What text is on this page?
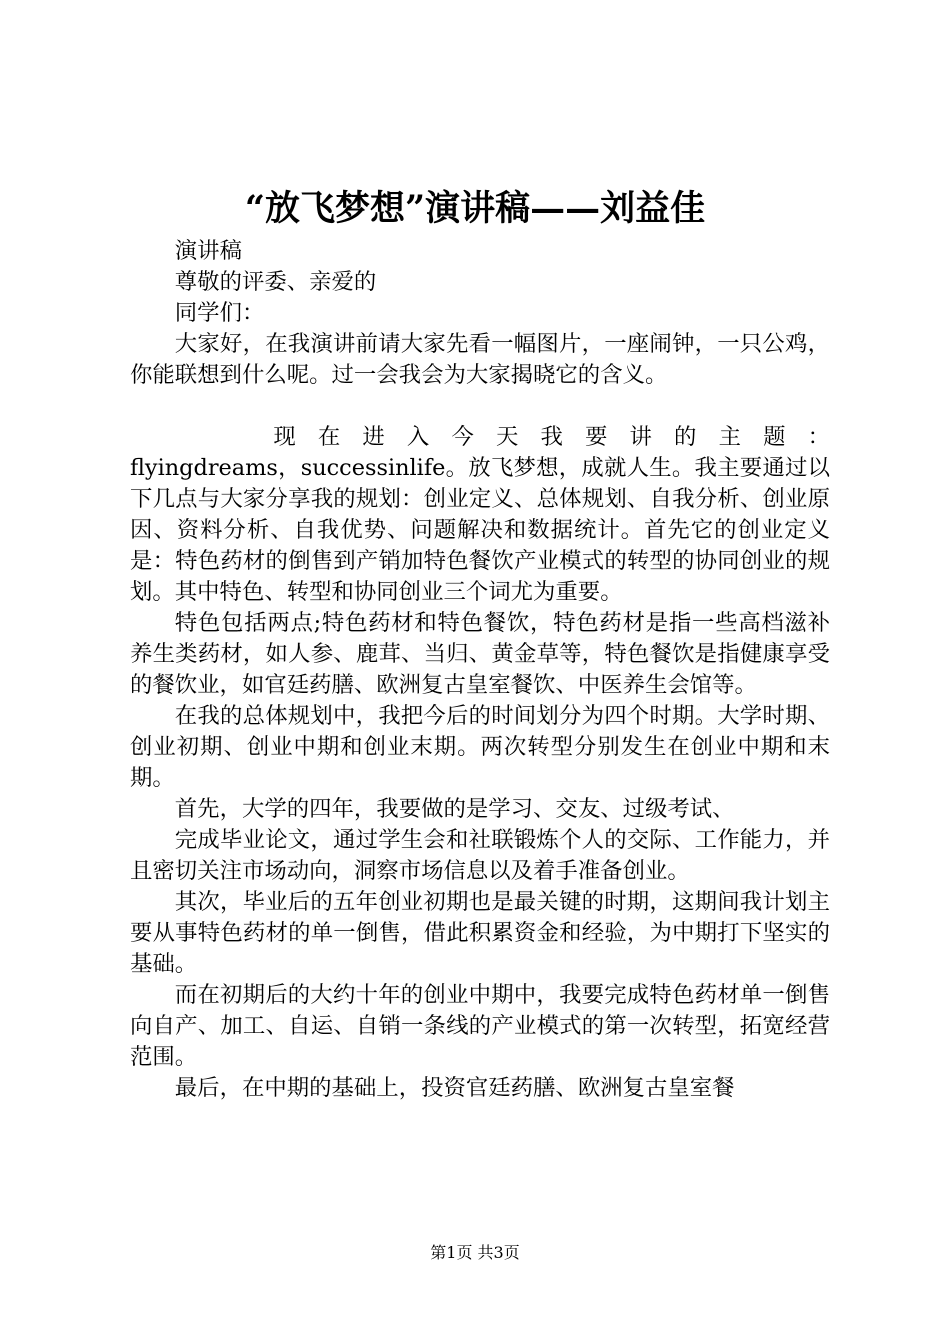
“放飞梦想”演讲稿——刘益佳

演讲稿

尊敬的评委、亲爱的

同学们：

大家好，在我演讲前请大家先看一幅图片，一座闹钟，一只公鸡，你能联想到什么呢。过一会我会为大家揭晓它的含义。

现在进入今天我要讲的主题：

flyingdreams，successinlife。放飞梦想，成就人生。我主要通过以下几点与大家分享我的规划：创业定义、总体规划、自我分析、创业原因、资料分析、自我优势、问题解决和数据统计。首先它的创业定义是：特色药材的倒售到产销加特色餐饮产业模式的转型的协同创业的规划。其中特色、转型和协同创业三个词尤为重要。

特色包括两点;特色药材和特色餐饮，特色药材是指一些高档滋补养生类药材，如人参、鹿茸、当归、黄金草等，特色餐饮是指健康享受的餐饮业，如官廷药膳、欧洲复古皇室餐饮、中医养生会馆等。

在我的总体规划中，我把今后的时间划分为四个时期。大学时期、创业初期、创业中期和创业末期。两次转型分别发生在创业中期和末期。

首先，大学的四年，我要做的是学习、交友、过级考试、

完成毕业论文，通过学生会和社联锻炼个人的交际、工作能力，并且密切关注市场动向，洞察市场信息以及着手准备创业。

其次，毕业后的五年创业初期也是最关键的时期，这期间我计划主要从事特色药材的单一倒售，借此积累资金和经验，为中期打下坚实的基础。

而在初期后的大约十年的创业中期中，我要完成特色药材单一倒售向自产、加工、自运、自销一条线的产业模式的第一次转型，拓宽经营范围。

最后，在中期的基础上，投资官廷药膳、欧洲复古皇室餐

第1页 共3页
